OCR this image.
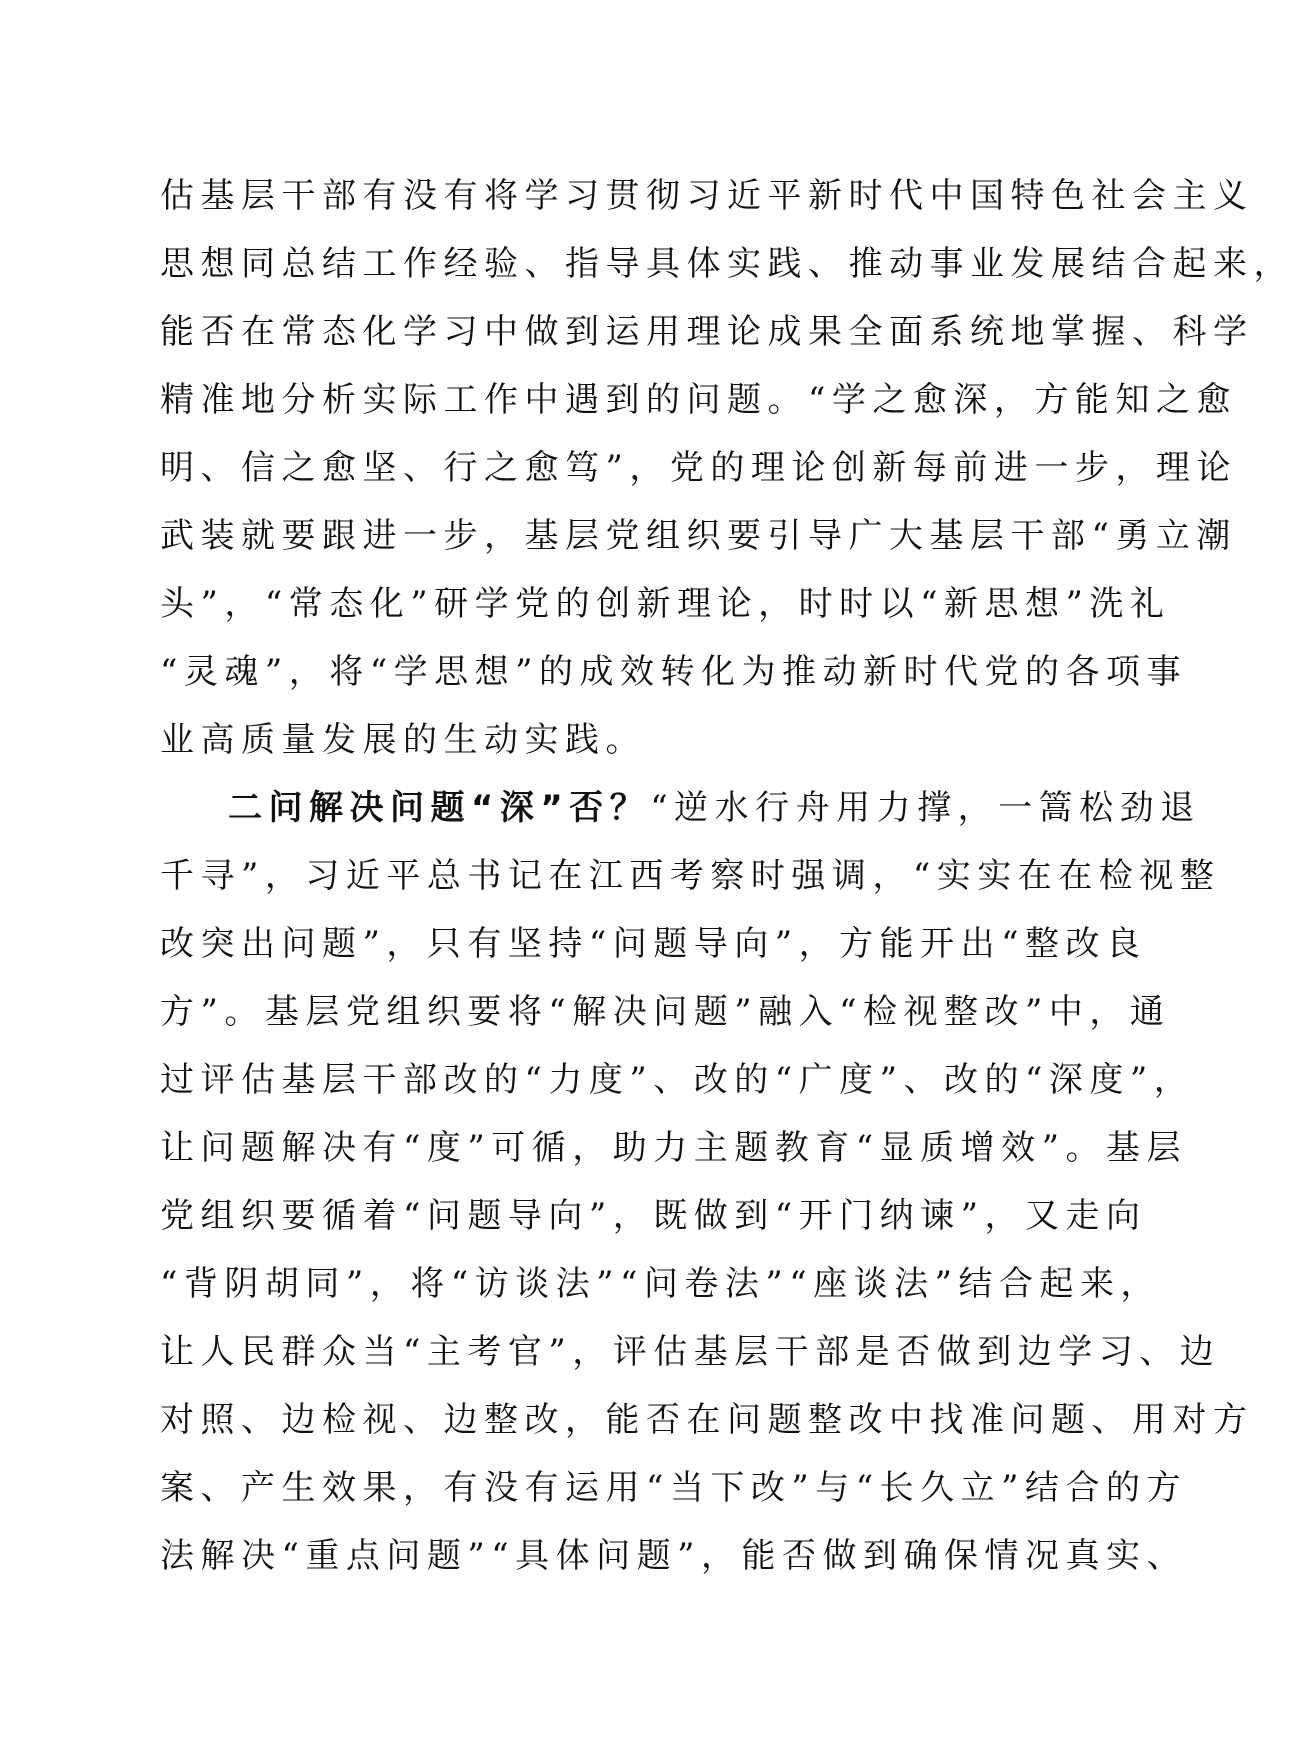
估基层干部有没有将学习贯彻习近平新时代中国特色社会主义
思想同总结工作经验、指导具体实践、推动事业发展结合起来，
能否在常态化学习中做到运用理论成果全面系统地掌握、科学
精准地分析实际工作中遇到的问题。“学之愈深，方能知之愈
明、信之愈坚、行之愈笃”，党的理论创新每前进一步，理论
武装就要跟进一步，基层党组织要引导广大基层干部“勇立潮
头”，“常态化”研学党的创新理论，时时以“新思想”洗礼
“灵魂”，将“学思想”的成效转化为推动新时代党的各项事
业高质量发展的生动实践。
二问解决问题“深”否？“逆水行舟用力撑，一篙松劲退
千寻”，习近平总书记在江西考察时强调，“实实在在检视整
改突出问题”，只有坚持“问题导向”，方能开出“整改良
方”。基层党组织要将“解决问题”融入“检视整改”中，通
过评估基层干部改的“力度”、改的“广度”、改的“深度”，
让问题解决有“度”可循，助力主题教育“显质增效”。基层
党组织要循着“问题导向”，既做到“开门纳谏”，又走向
“背阴胡同”，将“访谈法”“问卷法”“座谈法”结合起来，
让人民群众当“主考官”，评估基层干部是否做到边学习、边
对照、边检视、边整改，能否在问题整改中找准问题、用对方
案、产生效果，有没有运用“当下改”与“长久立”结合的方
法解决“重点问题”“具体问题”，能否做到确保情况真实、
